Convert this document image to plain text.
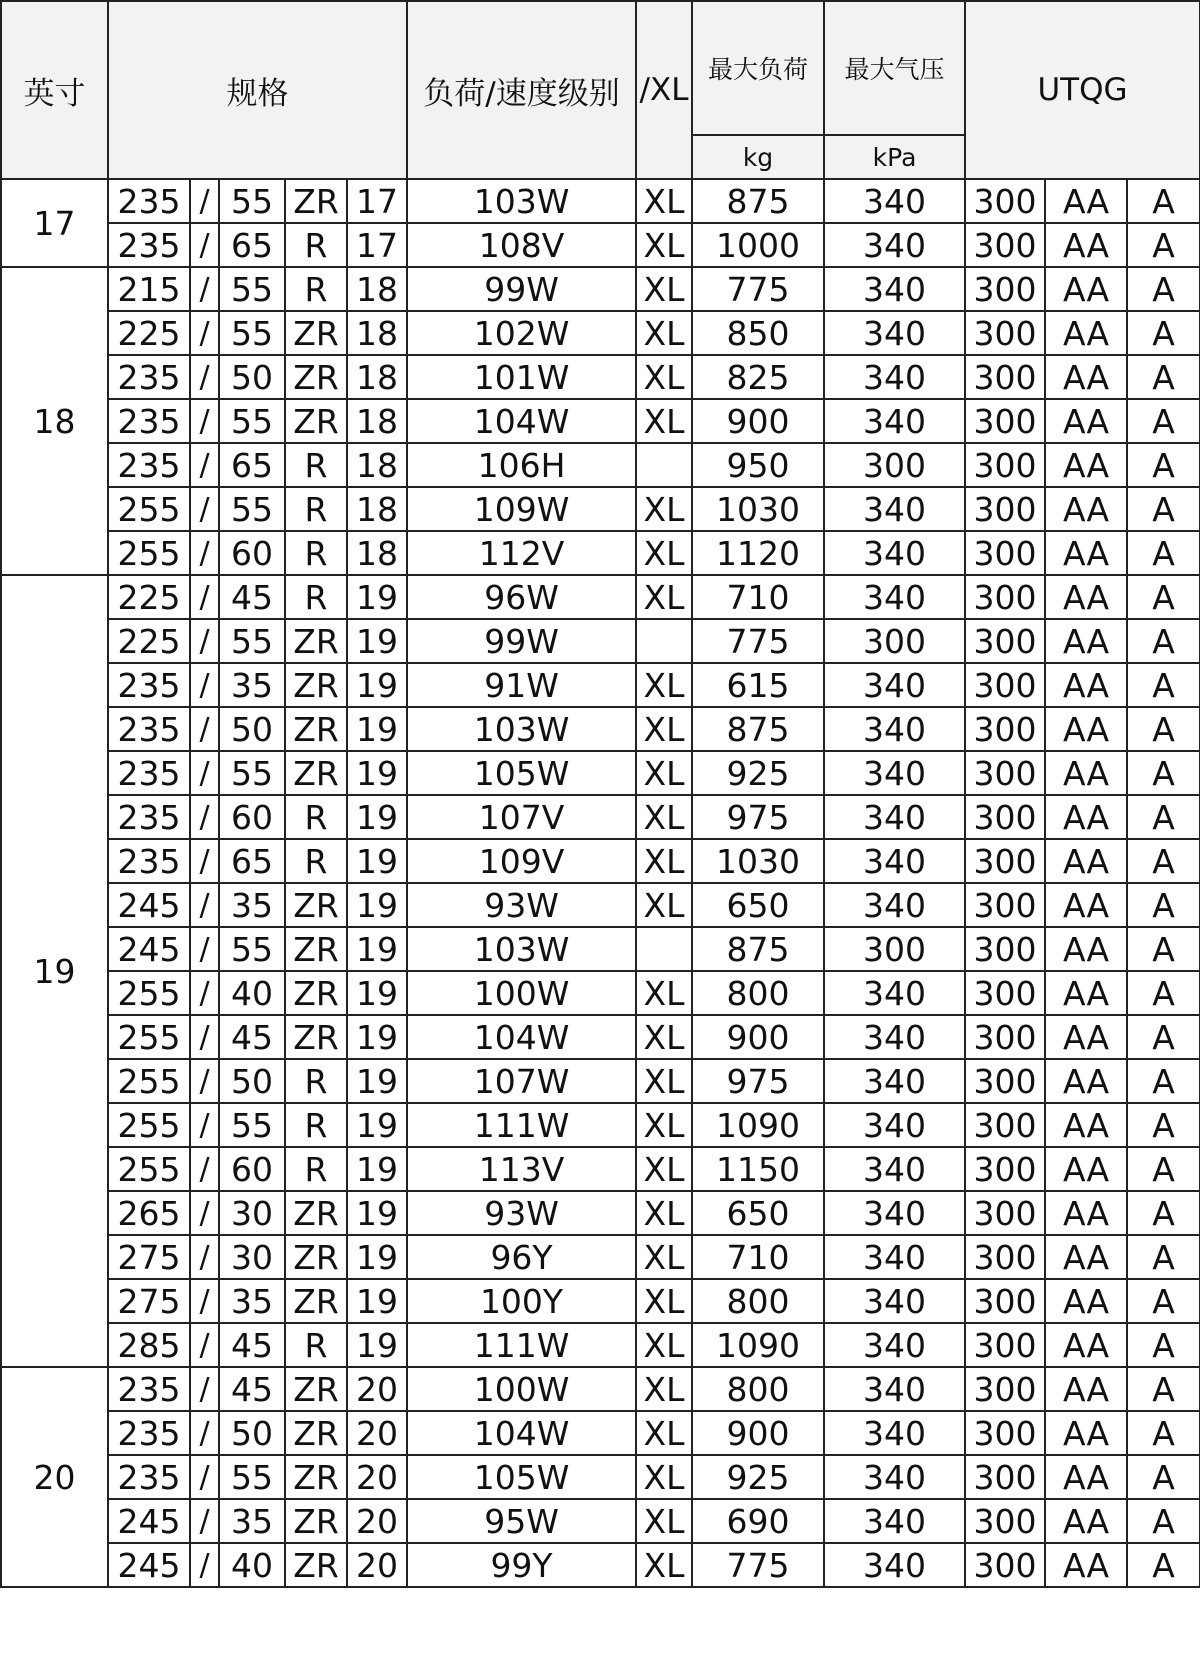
英寸	规格					负荷/速度级别	/XL	最大负荷	最大气压	UTQG		
								kg	kPa			
17	235	/	55	ZR	17	103W	XL	875	340	300	AA	A
	235	/	65	R	17	108V	XL	1000	340	300	AA	A
18	215	/	55	R	18	99W	XL	775	340	300	AA	A
	225	/	55	ZR	18	102W	XL	850	340	300	AA	A
	235	/	50	ZR	18	101W	XL	825	340	300	AA	A
	235	/	55	ZR	18	104W	XL	900	340	300	AA	A
	235	/	65	R	18	106H		950	300	300	AA	A
	255	/	55	R	18	109W	XL	1030	340	300	AA	A
	255	/	60	R	18	112V	XL	1120	340	300	AA	A
19	225	/	45	R	19	96W	XL	710	340	300	AA	A
	225	/	55	ZR	19	99W		775	300	300	AA	A
	235	/	35	ZR	19	91W	XL	615	340	300	AA	A
	235	/	50	ZR	19	103W	XL	875	340	300	AA	A
	235	/	55	ZR	19	105W	XL	925	340	300	AA	A
	235	/	60	R	19	107V	XL	975	340	300	AA	A
	235	/	65	R	19	109V	XL	1030	340	300	AA	A
	245	/	35	ZR	19	93W	XL	650	340	300	AA	A
	245	/	55	ZR	19	103W		875	300	300	AA	A
	255	/	40	ZR	19	100W	XL	800	340	300	AA	A
	255	/	45	ZR	19	104W	XL	900	340	300	AA	A
	255	/	50	R	19	107W	XL	975	340	300	AA	A
	255	/	55	R	19	111W	XL	1090	340	300	AA	A
	255	/	60	R	19	113V	XL	1150	340	300	AA	A
	265	/	30	ZR	19	93W	XL	650	340	300	AA	A
	275	/	30	ZR	19	96Y	XL	710	340	300	AA	A
	275	/	35	ZR	19	100Y	XL	800	340	300	AA	A
	285	/	45	R	19	111W	XL	1090	340	300	AA	A
20	235	/	45	ZR	20	100W	XL	800	340	300	AA	A
	235	/	50	ZR	20	104W	XL	900	340	300	AA	A
	235	/	55	ZR	20	105W	XL	925	340	300	AA	A
	245	/	35	ZR	20	95W	XL	690	340	300	AA	A
	245	/	40	ZR	20	99Y	XL	775	340	300	AA	A
